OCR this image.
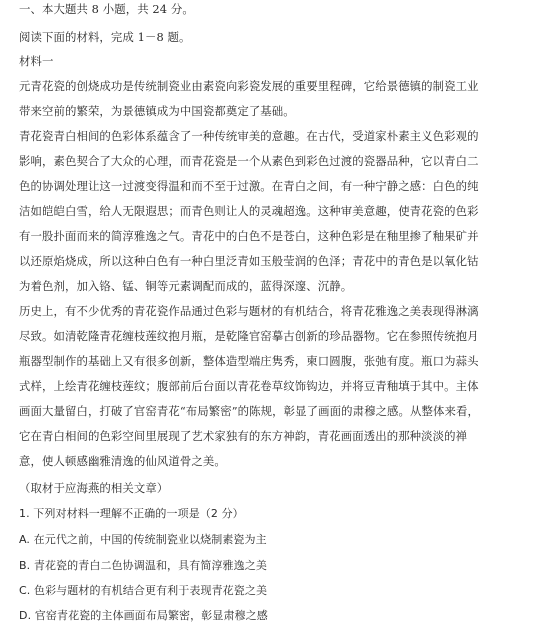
一、本大题共 8 小题，共 24 分。
阅读下面的材料，完成 1－8 题。
材料一
元青花瓷的创烧成功是传统制瓷业由素瓷向彩瓷发展的重要里程碑，它给景德镇的制瓷工业
带来空前的繁荣，为景德镇成为中国瓷都奠定了基础。
青花瓷青白相间的色彩体系蕴含了一种传统审美的意趣。在古代，受道家朴素主义色彩观的
影响，素色契合了大众的心理，而青花瓷是一个从素色到彩色过渡的瓷器品种，它以青白二
色的协调处理让这一过渡变得温和而不至于过激。在青白之间，有一种宁静之感：白色的纯
洁如皑皑白雪，给人无限遐思；而青色则让人的灵魂超逸。这种审美意趣，使青花瓷的色彩
有一股扑面而来的简淳雅逸之气。青花中的白色不是苍白，这种色彩是在釉里掺了釉果矿并
以还原焰烧成，所以这种白色有一种白里泛青如玉般莹润的色泽；青花中的青色是以氧化钴
为着色剂，加入铬、锰、铜等元素调配而成的，蓝得深邃、沉静。
历史上，有不少优秀的青花瓷作品通过色彩与题材的有机结合，将青花雅逸之美表现得淋漓
尽致。如清乾隆青花缠枝莲纹抱月瓶，是乾隆官窑摹古创新的珍品器物。它在参照传统抱月
瓶器型制作的基础上又有很多创新，整体造型端庄隽秀，柬口圆腹，张弛有度。瓶口为蒜头
式样，上绘青花缠枝莲纹；腹部前后台面以青花卷草纹饰钩边，并将豆青釉填于其中。主体
画面大量留白，打破了官窑青花“布局繁密”的陈规，彰显了画面的肃穆之感。从整体来看，
它在青白相间的色彩空间里展现了艺术家独有的东方神韵，青花画面透出的那种淡淡的禅
意，使人顿感幽雅清逸的仙风道骨之美。
（取材于应海燕的相关文章）
1. 下列对材料一理解不正确的一项是（2 分）
A. 在元代之前，中国的传统制瓷业以烧制素瓷为主
B. 青花瓷的青白二色协调温和，具有简淳雅逸之美
C. 色彩与题材的有机结合更有利于表现青花瓷之美
D. 官窑青花瓷的主体画面布局繁密，彰显肃穆之感
